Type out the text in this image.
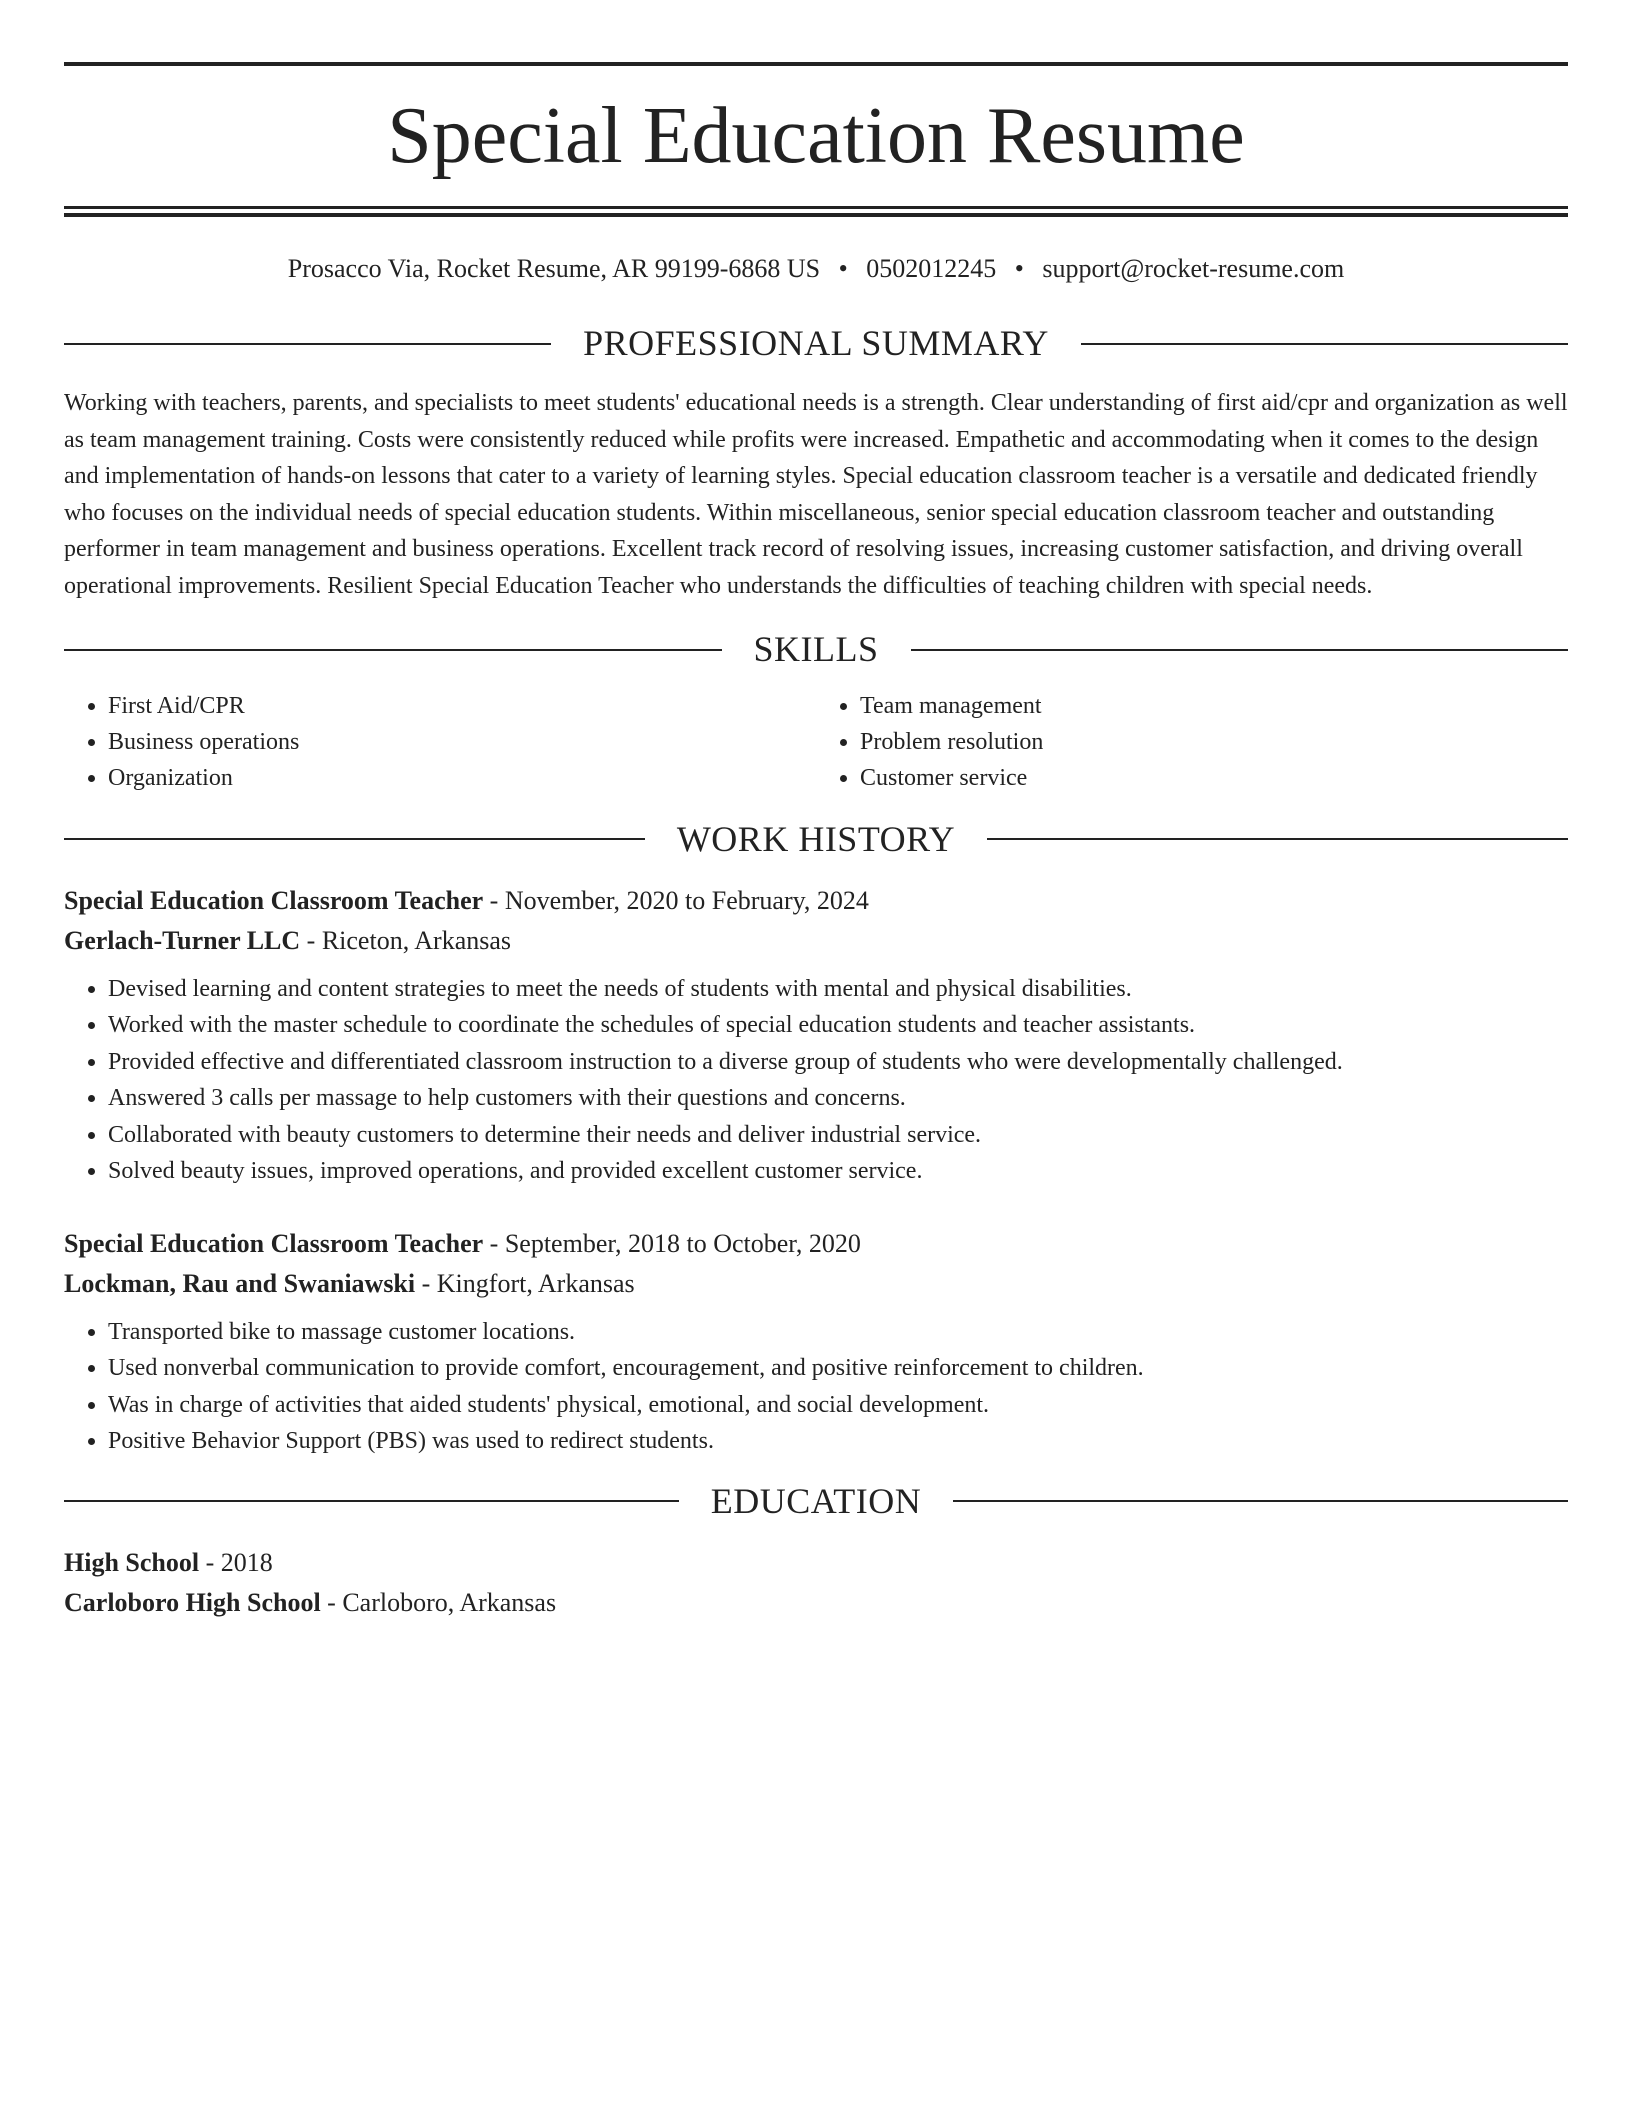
Special Education Resume
Prosacco Via, Rocket Resume, AR 99199-6868 US • 0502012245 • support@rocket-resume.com
PROFESSIONAL SUMMARY

Working with teachers, parents, and specialists to meet students' educational needs is a strength. Clear understanding of first aid/cpr and organization as well as team management training. Costs were consistently reduced while profits were increased. Empathetic and accommodating when it comes to the design and implementation of hands-on lessons that cater to a variety of learning styles. Special education classroom teacher is a versatile and dedicated friendly who focuses on the individual needs of special education students. Within miscellaneous, senior special education classroom teacher and outstanding performer in team management and business operations. Excellent track record of resolving issues, increasing customer satisfaction, and driving overall operational improvements. Resilient Special Education Teacher who understands the difficulties of teaching children with special needs.

SKILLS
• First Aid/CPR
• Business operations
• Organization
• Team management
• Problem resolution
• Customer service
WORK HISTORY
Special Education Classroom Teacher - November, 2020 to February, 2024
Gerlach-Turner LLC - Riceton, Arkansas
• Devised learning and content strategies to meet the needs of students with mental and physical disabilities.
• Worked with the master schedule to coordinate the schedules of special education students and teacher assistants.
• Provided effective and differentiated classroom instruction to a diverse group of students who were developmentally challenged.
• Answered 3 calls per massage to help customers with their questions and concerns.
• Collaborated with beauty customers to determine their needs and deliver industrial service.
• Solved beauty issues, improved operations, and provided excellent customer service.
Special Education Classroom Teacher - September, 2018 to October, 2020
Lockman, Rau and Swaniawski - Kingfort, Arkansas
• Transported bike to massage customer locations.
• Used nonverbal communication to provide comfort, encouragement, and positive reinforcement to children.
• Was in charge of activities that aided students' physical, emotional, and social development.
• Positive Behavior Support (PBS) was used to redirect students.
EDUCATION
High School - 2018
Carloboro High School - Carloboro, Arkansas
